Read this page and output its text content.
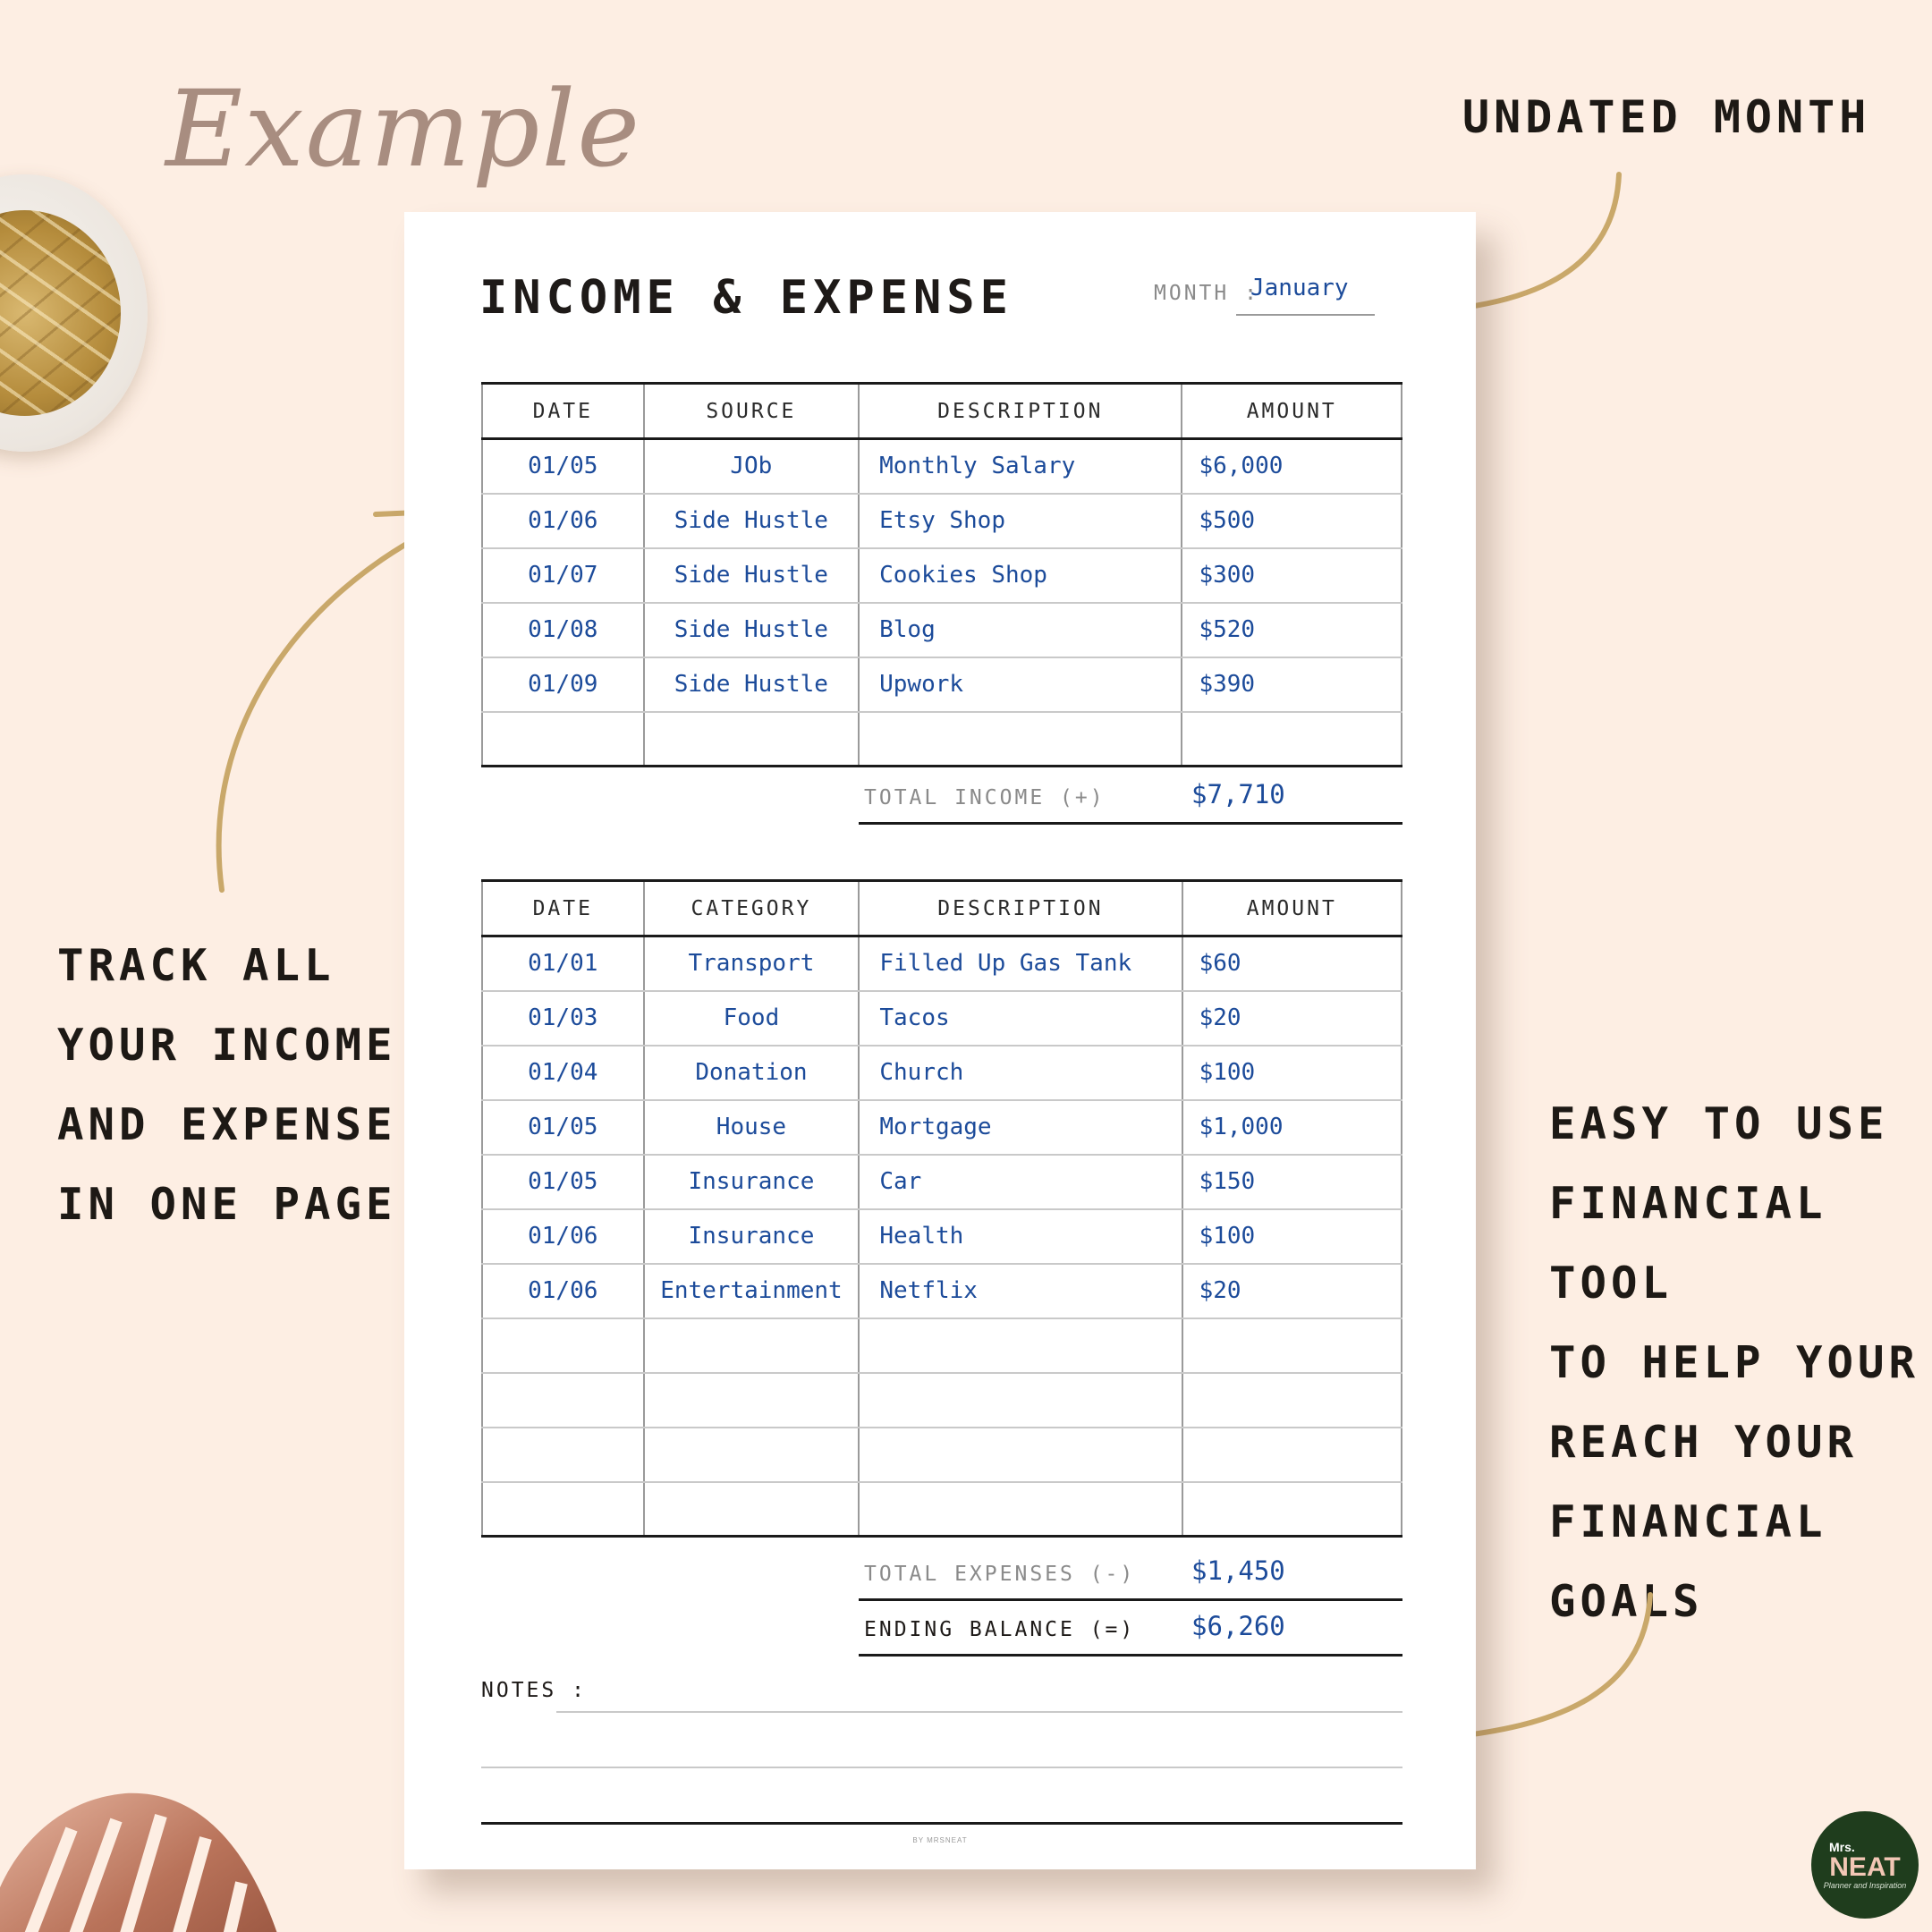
Example	UNDATED MONTH
TRACK ALL
YOUR INCOME
AND EXPENSE
IN ONE PAGE
EASY TO USE
FINANCIAL TOOL
TO HELP YOUR
REACH YOUR
FINANCIAL
GOALS
Mrs.
NEAT
Planner and Inspiration
INCOME & EXPENSE	MONTH :
January
DATE	SOURCE	DESCRIPTION	AMOUNT
01/05	JOb	Monthly Salary	$6,000
01/06	Side Hustle	Etsy Shop	$500
01/07	Side Hustle	Cookies Shop	$300
01/08	Side Hustle	Blog	$520
01/09	Side Hustle	Upwork	$390

TOTAL INCOME (+)	$7,710
DATE	CATEGORY	DESCRIPTION	AMOUNT
01/01	Transport	Filled Up Gas Tank	$60
01/03	Food	Tacos	$20
01/04	Donation	Church	$100
01/05	House	Mortgage	$1,000
01/05	Insurance	Car	$150
01/06	Insurance	Health	$100
01/06	Entertainment	Netflix	$20

TOTAL EXPENSES (-) $1,450
ENDING BALANCE (=) $6,260
NOTES :
BY MRSNEAT
